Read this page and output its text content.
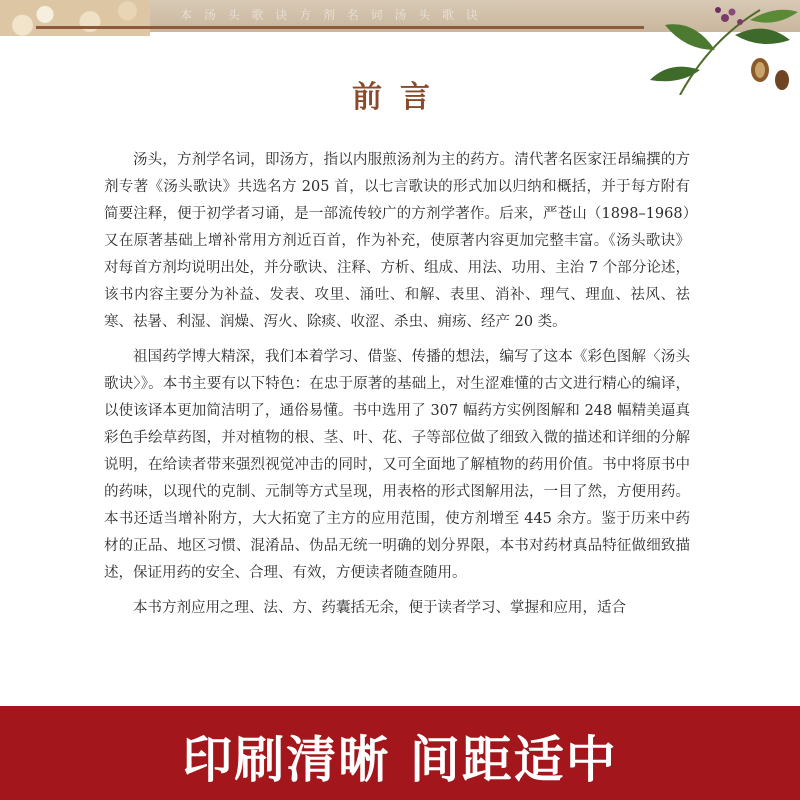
本 汤 头 歌 诀 方 剂 名 词 汤 头 歌 诀
前言

汤头，方剂学名词，即汤方，指以内服煎汤剂为主的药方。清代著名医家汪昂编撰的方剂专著《汤头歌诀》共选名方 205 首，以七言歌诀的形式加以归纳和概括，并于每方附有简要注释，便于初学者习诵，是一部流传较广的方剂学著作。后来，严苍山（1898–1968）又在原著基础上增补常用方剂近百首，作为补充，使原著内容更加完整丰富。《汤头歌诀》对每首方剂均说明出处，并分歌诀、注释、方析、组成、用法、功用、主治 7 个部分论述，该书内容主要分为补益、发表、攻里、涌吐、和解、表里、消补、理气、理血、祛风、祛寒、祛暑、利湿、润燥、泻火、除痰、收涩、杀虫、痈疡、经产 20 类。

祖国药学博大精深，我们本着学习、借鉴、传播的想法，编写了这本《彩色图解〈汤头歌诀〉》。本书主要有以下特色：在忠于原著的基础上，对生涩难懂的古文进行精心的编译，以使该译本更加简洁明了，通俗易懂。书中选用了 307 幅药方实例图解和 248 幅精美逼真彩色手绘草药图，并对植物的根、茎、叶、花、子等部位做了细致入微的描述和详细的分解说明，在给读者带来强烈视觉冲击的同时，又可全面地了解植物的药用价值。书中将原书中的药味，以现代的克制、元制等方式呈现，用表格的形式图解用法，一目了然，方便用药。本书还适当增补附方，大大拓宽了主方的应用范围，使方剂增至 445 余方。鉴于历来中药材的正品、地区习惯、混淆品、伪品无统一明确的划分界限，本书对药材真品特征做细致描述，保证用药的安全、合理、有效，方便读者随查随用。

本书方剂应用之理、法、方、药囊括无余，便于读者学习、掌握和应用，适合

印刷清晰 间距适中
